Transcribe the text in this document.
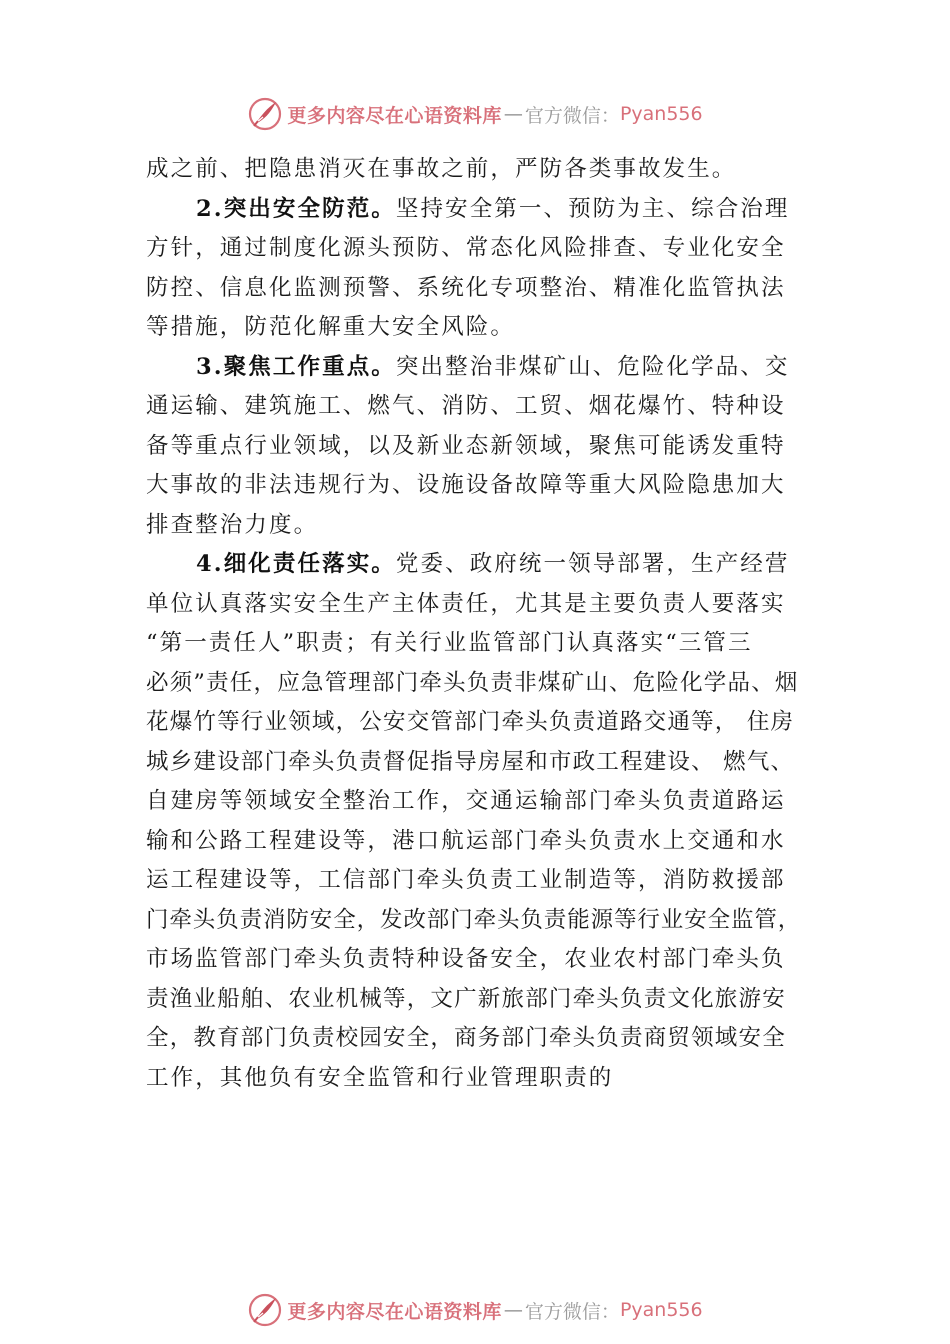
更多内容尽在心语资料库 — 官方微信： Pyan556
成之前、把隐患消灭在事故之前，严防各类事故发生。
2.突出安全防范。坚持安全第一、预防为主、综合治理
方针，通过制度化源头预防、常态化风险排查、专业化安全
防控、信息化监测预警、系统化专项整治、精准化监管执法
等措施，防范化解重大安全风险。
3.聚焦工作重点。突出整治非煤矿山、危险化学品、交
通运输、建筑施工、燃气、消防、工贸、烟花爆竹、特种设
备等重点行业领域，以及新业态新领域，聚焦可能诱发重特
大事故的非法违规行为、设施设备故障等重大风险隐患加大
排查整治力度。
4.细化责任落实。党委、政府统一领导部署，生产经营
单位认真落实安全生产主体责任，尤其是主要负责人要落实
“第一责任人”职责；有关行业监管部门认真落实“三管三
必须”责任，应急管理部门牵头负责非煤矿山、危险化学品、烟
花爆竹等行业领域，公安交管部门牵头负责道路交通等， 住房
城乡建设部门牵头负责督促指导房屋和市政工程建设、 燃气、
自建房等领域安全整治工作，交通运输部门牵头负责道路运
输和公路工程建设等，港口航运部门牵头负责水上交通和水
运工程建设等，工信部门牵头负责工业制造等，消防救援部
门牵头负责消防安全，发改部门牵头负责能源等行业安全监管，
市场监管部门牵头负责特种设备安全，农业农村部门牵头负
责渔业船舶、农业机械等，文广新旅部门牵头负责文化旅游安
全，教育部门负责校园安全，商务部门牵头负责商贸领域安全
工作，其他负有安全监管和行业管理职责的
更多内容尽在心语资料库 — 官方微信： Pyan556
